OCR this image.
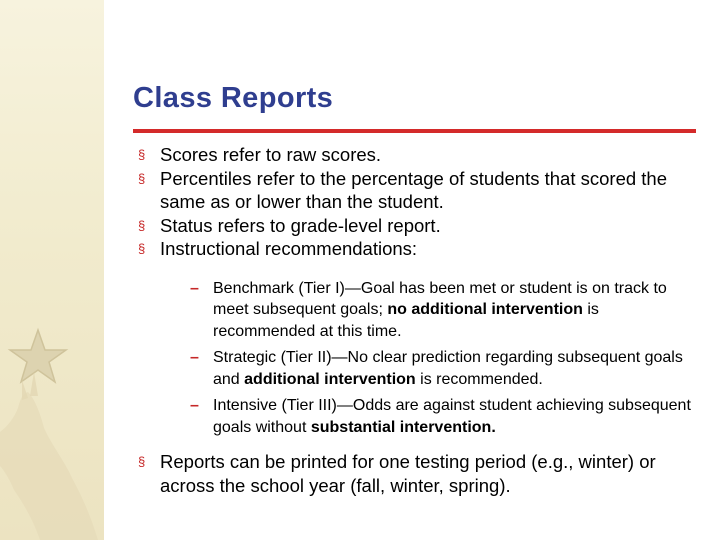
Class Reports
§ Scores refer to raw scores.
§ Percentiles refer to the percentage of students that scored the same as or lower than the student.
§ Status refers to grade-level report.
§ Instructional recommendations:
– Benchmark (Tier I)—Goal has been met or student is on track to meet subsequent goals; no additional intervention is recommended at this time.
– Strategic (Tier II)—No clear prediction regarding subsequent goals and additional intervention is recommended.
– Intensive (Tier III)—Odds are against student achieving subsequent goals without substantial intervention.
§ Reports can be printed for one testing period (e.g., winter) or across the school year (fall, winter, spring).
